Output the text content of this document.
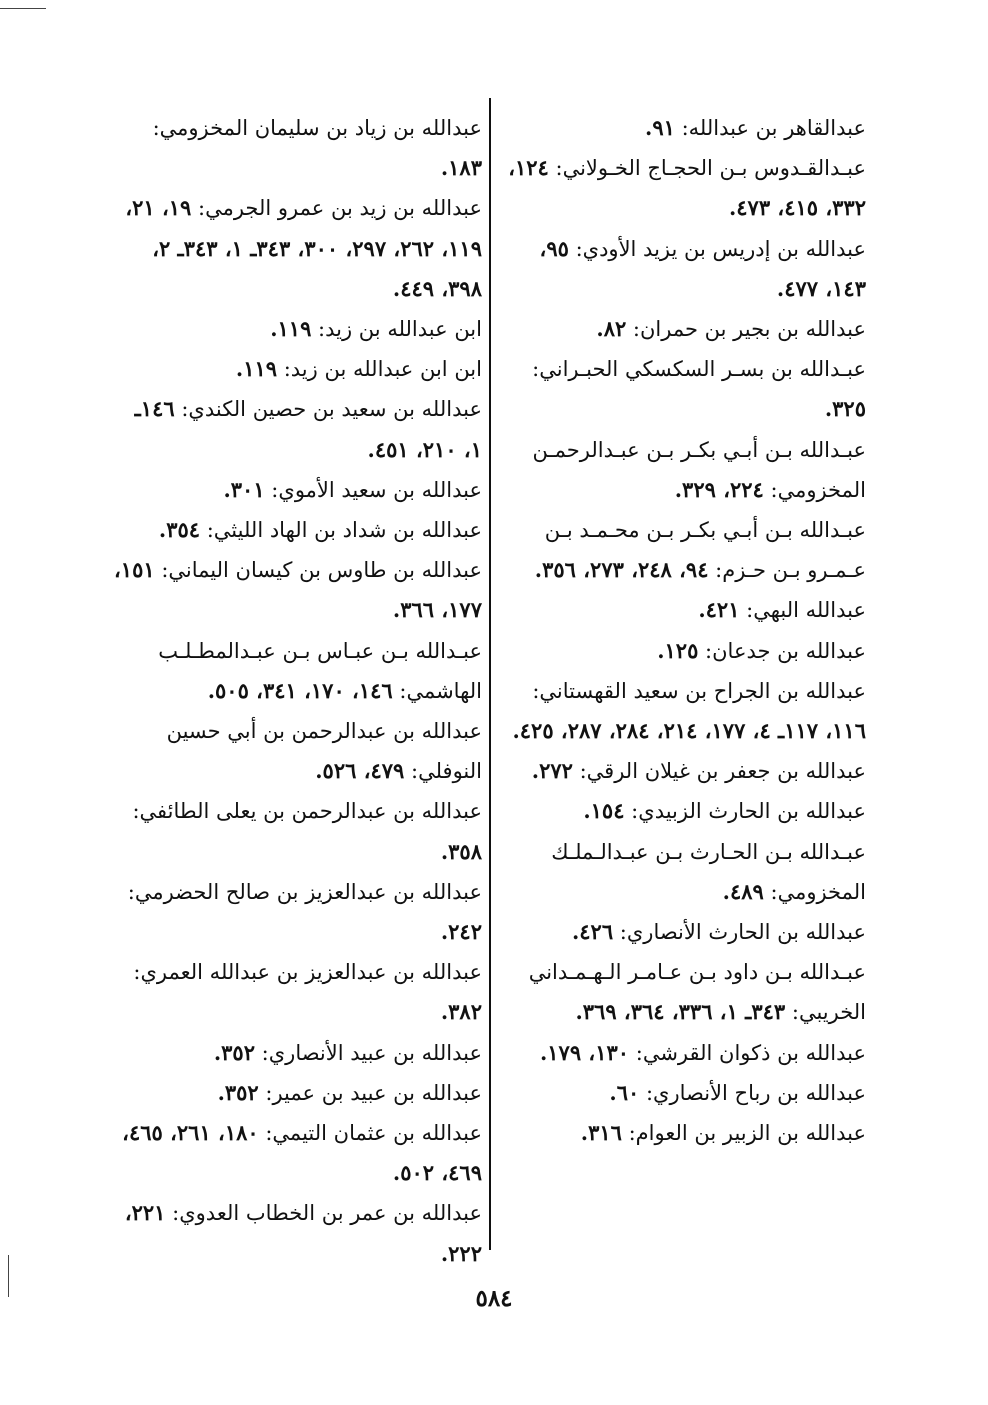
عبدالقاهر بن عبدالله: ٩١.

عبـدالقـدوس بـن الحجـاج الخـولاني: ١٢٤، ٣٣٢، ٤١٥، ٤٧٣.

عبدالله بن إدريس بن يزيد الأودي: ٩٥، ١٤٣، ٤٧٧.

عبدالله بن بجير بن حمران: ٨٢.

عبـدالله بن بسـر السكسكي الحبـراني: ٣٢٥.

عبـدالله بـن أبـي بكـر بـن عبـدالرحمـن المخزومي: ٢٢٤، ٣٢٩.

عبـدالله بـن أبـي بكـر بـن محـمـد بـن عـمـرو بـن حـزم: ٩٤، ٢٤٨، ٢٧٣، ٣٥٦.

عبدالله البهي: ٤٢١.

عبدالله بن جدعان: ١٢٥.

عبدالله بن الجراح بن سعيد القهستاني: ١١٦، ١١٧ـ ٤، ١٧٧، ٢١٤، ٢٨٤، ٢٨٧، ٤٢٥.

عبدالله بن جعفر بن غيلان الرقي: ٢٧٢.

عبدالله بن الحارث الزبيدي: ١٥٤.

عبـدالله بـن الحـارث بـن عبـدالـملـك المخزومي: ٤٨٩.

عبدالله بن الحارث الأنصاري: ٤٢٦.

عبـدالله بـن داود بـن عـامـر الـهـمـداني الخريبي: ٣٤٣ـ ١، ٣٣٦، ٣٦٤، ٣٦٩.

عبدالله بن ذكوان القرشي: ١٣٠، ١٧٩.

عبدالله بن رباح الأنصاري: ٦٠.

عبدالله بن الزبير بن العوام: ٣١٦.

عبدالله بن زياد بن سليمان المخزومي: ١٨٣.

عبدالله بن زيد بن عمرو الجرمي: ١٩، ٢١، ١١٩، ٢٦٢، ٢٩٧، ٣٠٠، ٣٤٣ـ ١، ٣٤٣ـ ٢، ٣٩٨، ٤٤٩.

ابن عبدالله بن زيد: ١١٩.

ابن ابن عبدالله بن زيد: ١١٩.

عبدالله بن سعيد بن حصين الكندي: ١٤٦ـ ١، ٢١٠، ٤٥١.

عبدالله بن سعيد الأموي: ٣٠١.

عبدالله بن شداد بن الهاد الليثي: ٣٥٤.

عبدالله بن طاوس بن كيسان اليماني: ١٥١، ١٧٧، ٣٦٦.

عبـدالله بـن عبـاس بـن عبـدالمطـلـب الهاشمي: ١٤٦، ١٧٠، ٣٤١، ٥٠٥.

عبدالله بن عبدالرحمن بن أبي حسين النوفلي: ٤٧٩، ٥٢٦.

عبدالله بن عبدالرحمن بن يعلى الطائفي: ٣٥٨.

عبدالله بن عبدالعزيز بن صالح الحضرمي: ٢٤٢.

عبدالله بن عبدالعزيز بن عبدالله العمري: ٣٨٢.

عبدالله بن عبيد الأنصاري: ٣٥٢.

عبدالله بن عبيد بن عمير: ٣٥٢.

عبدالله بن عثمان التيمي: ١٨٠، ٢٦١، ٤٦٥، ٤٦٩، ٥٠٢.

عبدالله بن عمر بن الخطاب العدوي: ٢٢١، ٢٢٢.

٥٨٤
